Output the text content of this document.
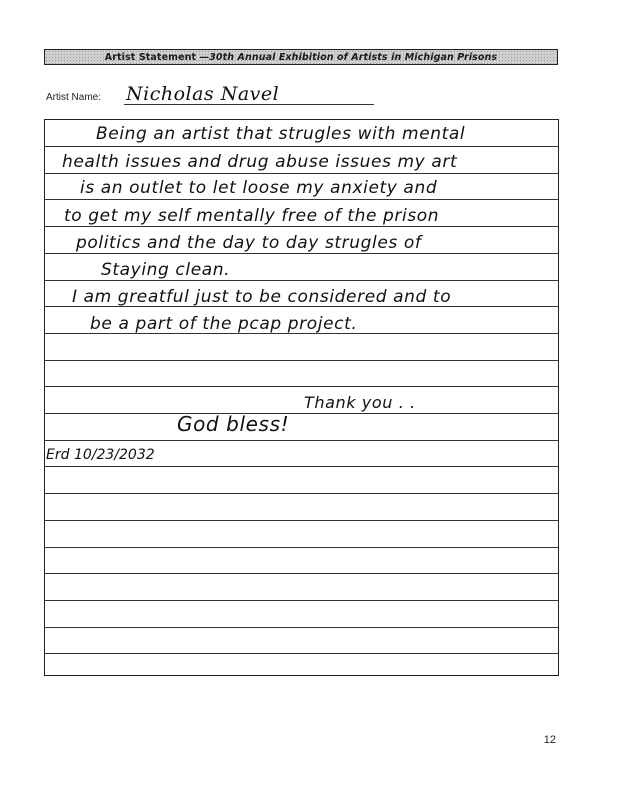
Artist Statement —30th Annual Exhibition of Artists in Michigan Prisons
Artist Name: Nicholas Navel
Being an artist that strugles with mental
health issues and drug abuse issues my art
is an outlet to let loose my anxiety and
to get my self mentally free of the prison
politics and the day to day strugles of
Staying clean.
I am greatful just to be considered and to
be a part of the pcap project.
Thank you . .
God bless!
Erd 10/23/2032
12
